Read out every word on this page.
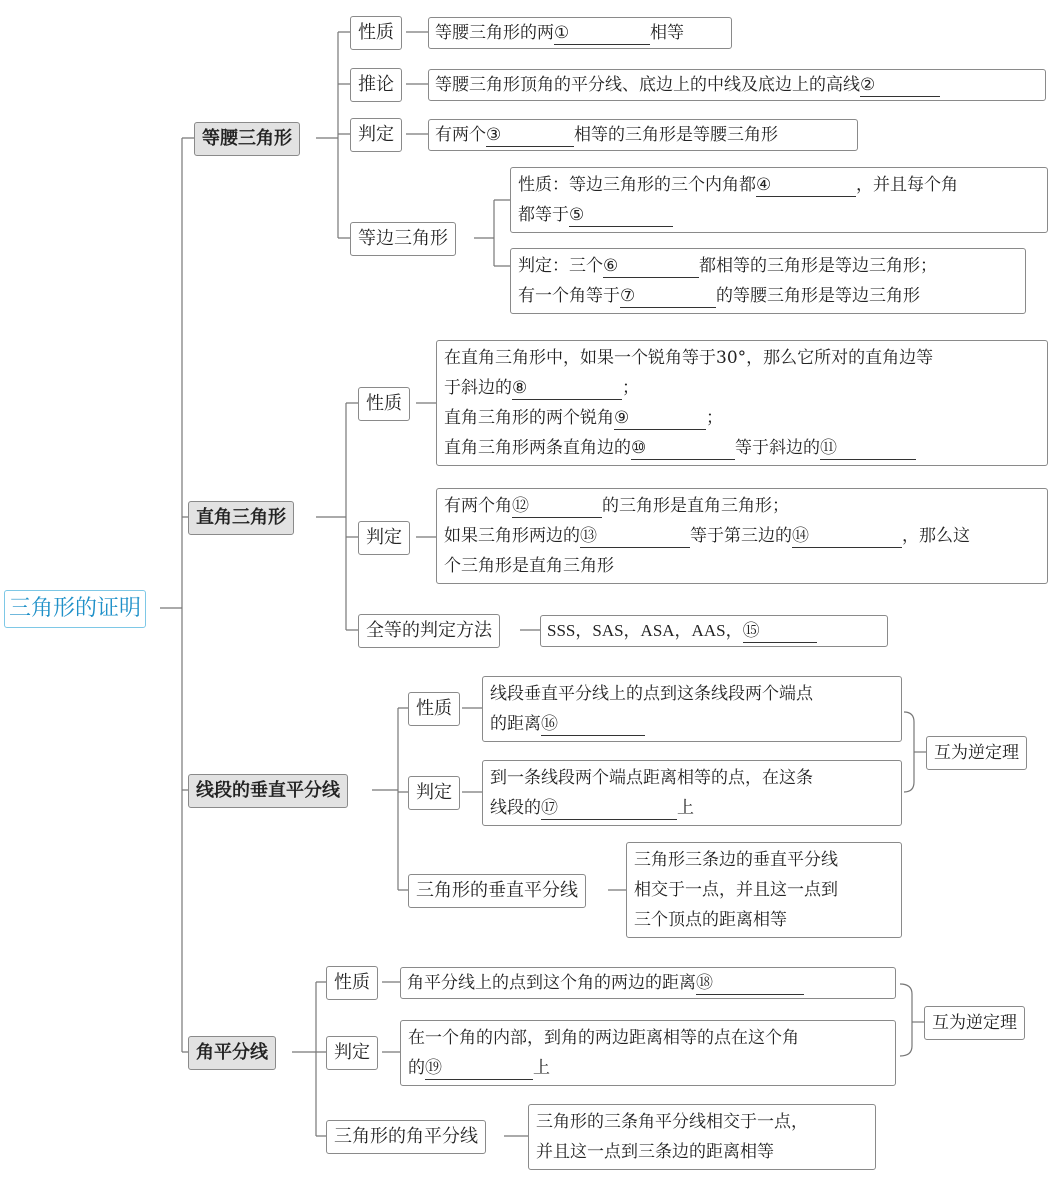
三角形的证明
等腰三角形
性质	等腰三角形的两①	相等
推论	等腰三角形顶角的平分线、底边上的中线及底边上的高线②
判定	有两个③	相等的三角形是等腰三角形
等边三角形
性质：等边三角形的三个内角都④	，并且每个角
都等于⑤
判定：三个⑥	都相等的三角形是等边三角形；
有一个角等于⑦	的等腰三角形是等边三角形
直角三角形
性质
在直角三角形中，如果一个锐角等于30°，那么它所对的直角边等
于斜边的⑧	；
直角三角形的两个锐角⑨	；
直角三角形两条直角边的⑩	等于斜边的⑪
判定
有两个角⑫	的三角形是直角三角形；
如果三角形两边的⑬	等于第三边的⑭	，那么这
个三角形是直角三角形
全等的判定方法	SSS，SAS，ASA，AAS，⑮
线段的垂直平分线
性质
线段垂直平分线上的点到这条线段两个端点
的距离⑯
判定
到一条线段两个端点距离相等的点，在这条
线段的⑰	上
互为逆定理
三角形的垂直平分线
三角形三条边的垂直平分线
相交于一点，并且这一点到
三个顶点的距离相等
角平分线
性质	角平分线上的点到这个角的两边的距离⑱
判定
在一个角的内部，到角的两边距离相等的点在这个角
的⑲	上
互为逆定理
三角形的角平分线
三角形的三条角平分线相交于一点，
并且这一点到三条边的距离相等
